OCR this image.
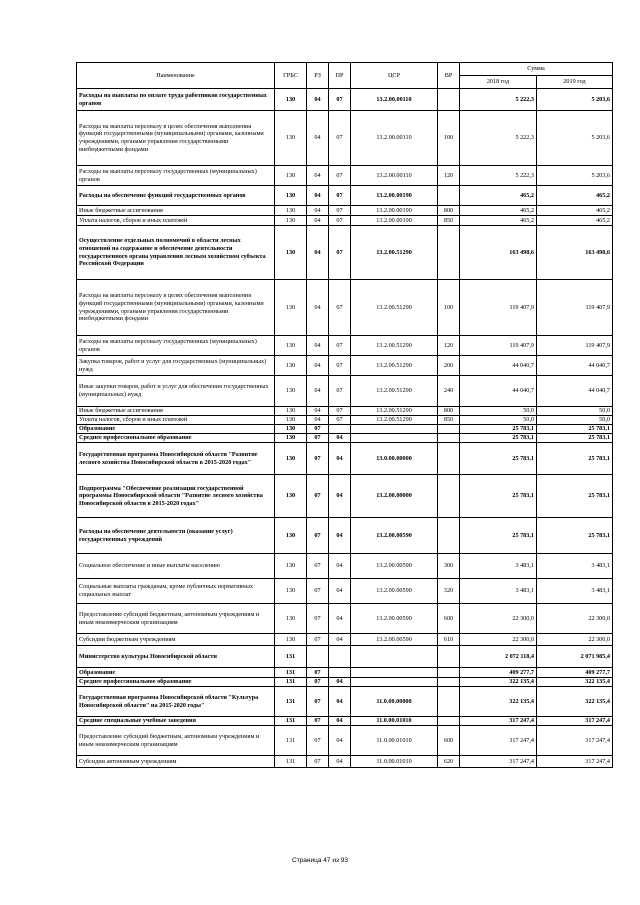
Наименование	ГРБС	РЗ	ПР	ЦСР	ВР	Сумма	
						2018 год	2019 год
Расходы на выплаты по оплате труда работников государственных органов	130	04	07	13.2.00.00110		5 222,3	5 203,6
Расходы на выплаты персоналу в целях обеспечения выполнения функций государственными (муниципальными) органами, казенными учреждениями, органами управления государственными внебюджетными фондами	130	04	07	13.2.00.00110	100	5 222,3	5 203,6
Расходы на выплаты персоналу государственных (муниципальных) органов	130	04	07	13.2.00.00110	120	5 222,3	5 203,6
Расходы на обеспечение функций государственных органов	130	04	07	13.2.00.00190		465,2	465,2
Иные бюджетные ассигнования	130	04	07	13.2.00.00190	800	465,2	465,2
Уплата налогов, сборов и иных платежей	130	04	07	13.2.00.00190	850	465,2	465,2
Осуществление отдельных полномочий в области лесных отношений на содержание и обеспечение деятельности государственного органа управления лесным хозяйством субъекта Российской Федерации	130	04	07	13.2.00.51290		163 498,6	163 498,6
Расходы на выплаты персоналу в целях обеспечения выполнения функций государственными (муниципальными) органами, казенными учреждениями, органами управления государственными внебюджетными фондами	130	04	07	13.2.00.51290	100	119 407,9	119 407,9
Расходы на выплаты персоналу государственных (муниципальных) органов	130	04	07	13.2.00.51290	120	119 407,9	119 407,9
Закупка товаров, работ и услуг для государственных (муниципальных) нужд	130	04	07	13.2.00.51290	200	44 040,7	44 040,7
Иные закупки товаров, работ и услуг для обеспечения государственных (муниципальных) нужд	130	04	07	13.2.00.51290	240	44 040,7	44 040,7
Иные бюджетные ассигнования	130	04	07	13.2.00.51290	800	50,0	50,0
Уплата налогов, сборов и иных платежей	130	04	07	13.2.00.51290	850	50,0	50,0
Образование	130	07				25 783,1	25 783,1
Среднее профессиональное образование	130	07	04			25 783,1	25 783,1
Государственная программа Новосибирской области "Развитие лесного хозяйства Новосибирской области в 2015-2020 годах"	130	07	04	13.0.00.00000		25 783,1	25 783,1
Подпрограмма "Обеспечение реализации государственной программы Новосибирской области "Развитие лесного хозяйства Новосибирской области в 2015-2020 годах"	130	07	04	13.2.00.00000		25 783,1	25 783,1
Расходы на обеспечение деятельности (оказание услуг) государственных учреждений	130	07	04	13.2.00.00590		25 783,1	25 783,1
Социальное обеспечение и иные выплаты населению	130	07	04	13.2.00.00590	300	3 483,1	3 483,1
Социальные выплаты гражданам, кроме публичных нормативных социальных выплат	130	07	04	13.2.00.00590	320	3 483,1	3 483,1
Предоставление субсидий бюджетным, автономным учреждениям и иным некоммерческим организациям	130	07	04	13.2.00.00590	600	22 300,0	22 300,0
Субсидии бюджетным учреждениям	130	07	04	13.2.00.00590	610	22 300,0	22 300,0
Министерство культуры Новосибирской области	131					2 072 118,4	2 071 985,4
Образование	131	07				409 277,7	409 277,7
Среднее профессиональное образование	131	07	04			322 135,4	322 135,4
Государственная программа Новосибирской области "Культура Новосибирской области" на 2015-2020 годы"	131	07	04	11.0.00.00000		322 135,4	322 135,4
Средние специальные учебные заведения	131	07	04	11.0.00.01010		317 247,4	317 247,4
Предоставление субсидий бюджетным, автономным учреждениям и иным некоммерческим организациям	131	07	04	11.0.00.01010	600	317 247,4	317 247,4
Субсидии автономным учреждениям	131	07	04	11.0.00.01010	620	317 247,4	317 247,4
Страница 47 из 93
